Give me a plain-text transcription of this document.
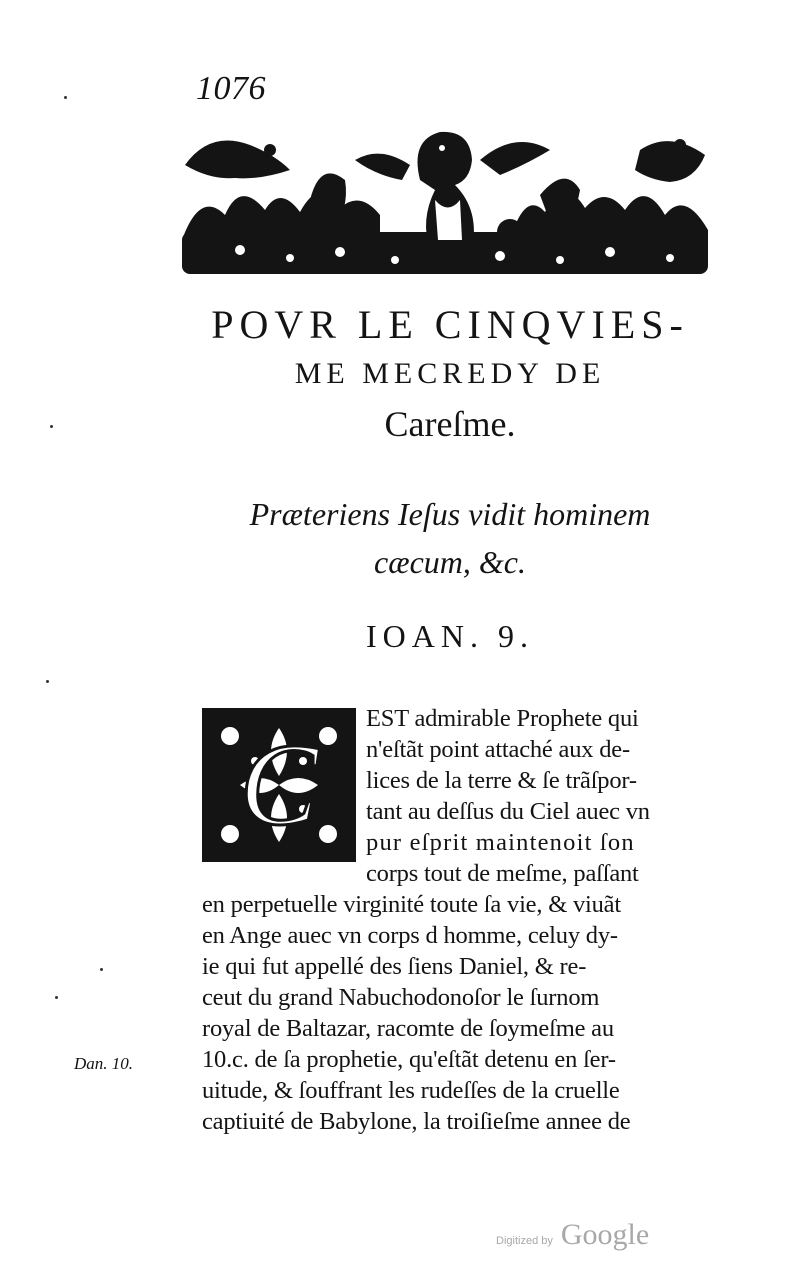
1076
POVR LE CINQVIES-
ME MECREDY DE
Careſme.
Præteriens Ieſus vidit hominem
cæcum, &c.
IOAN. 9.
C
EST admirable Prophete qui
n'eſtãt point attaché aux de-
lices de la terre & ſe trãſpor-
tant au deſſus du Ciel auec vn
pur eſprit maintenoit ſon
corps tout de meſme, paſſant
en perpetuelle virginité toute ſa vie, & viuãt
en Ange auec vn corps d homme, celuy dy-
ie qui fut appellé des ſiens Daniel, & re-
ceut du grand Nabuchodonoſor le ſurnom
royal de Baltazar, racomte de ſoymeſme au
10.c. de ſa prophetie, qu'eſtãt detenu en ſer-
uitude, & ſouffrant les rudeſſes de la cruelle
captiuité de Babylone, la troiſieſme annee de
Dan. 10.
Digitized by Google
